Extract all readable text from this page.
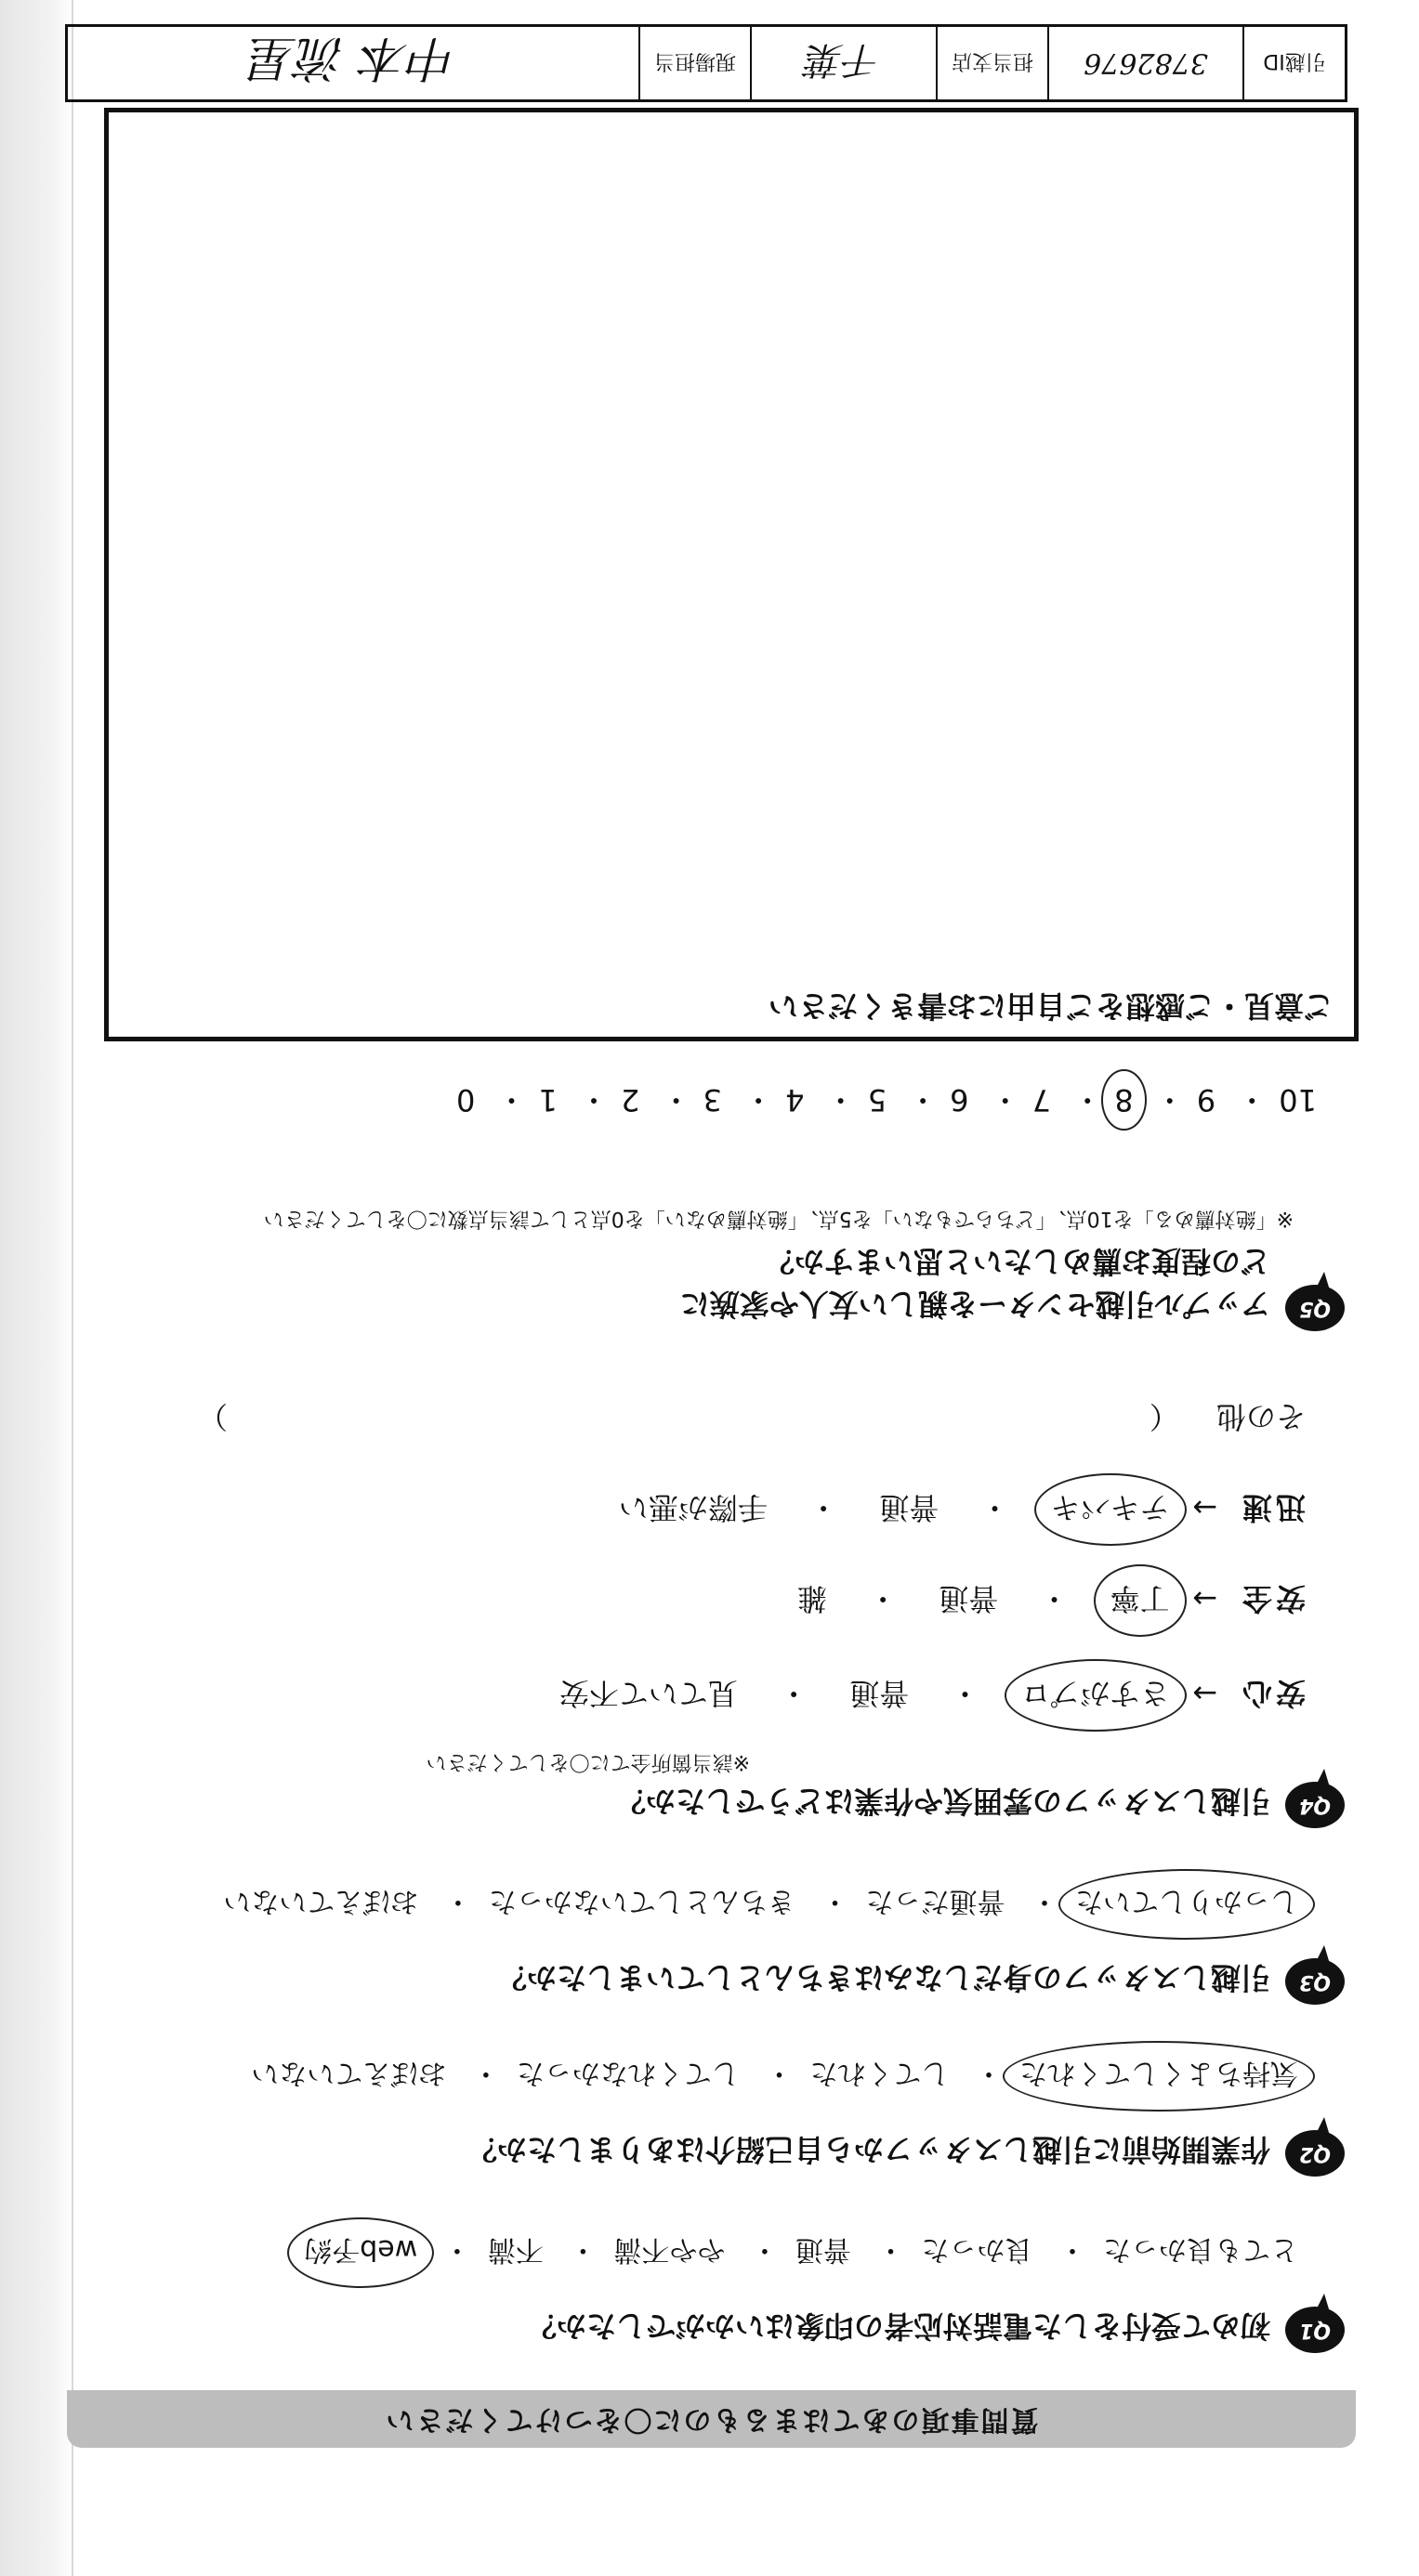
質問事項のあてはまるものに〇をつけてください
Q1
初めて受付をした電話対応者の印象はいかがでしたか？
とても良かった・ 良かった・ 普通・ やや不満・ 不満・
web予約
Q2
作業開始前に引越しスタッフから自己紹介はありましたか？
気持ちよくしてくれた・ してくれた・ してくれなかった・ おぼえていない
Q3
引越しスタッフの身だしなみはきちんとしていましたか？
しっかりしていた・ 普通だった・ きちんとしていなかった・ おぼえていない
Q4
引越しスタッフの雰囲気や作業はどうでしたか？
※該当箇所全てに〇をしてください
安心 →
さすがプロ ・ 普通 ・ 見ていて不安
安全 →
丁寧 ・ 普通 ・ 雑
迅速 →
テキパキ ・ 普通 ・ 手際が悪い
その他 （
）
Q5
アップル引越センターを親しい友人や家族に
どの程度お薦めしたいと思いますか？
※「絶対薦める」を10点、「どちらでもない」を5点、「絶対薦めない」を0点として該当点数に〇をしてください
10・ 9・
8・ 7・ 6・ 5・ 4・ 3・ 2・ 1・ 0
ご意見・ご感想をご自由にお書きください
引越ID
3782676
担当支店
千葉
現場担当
中本 流星
